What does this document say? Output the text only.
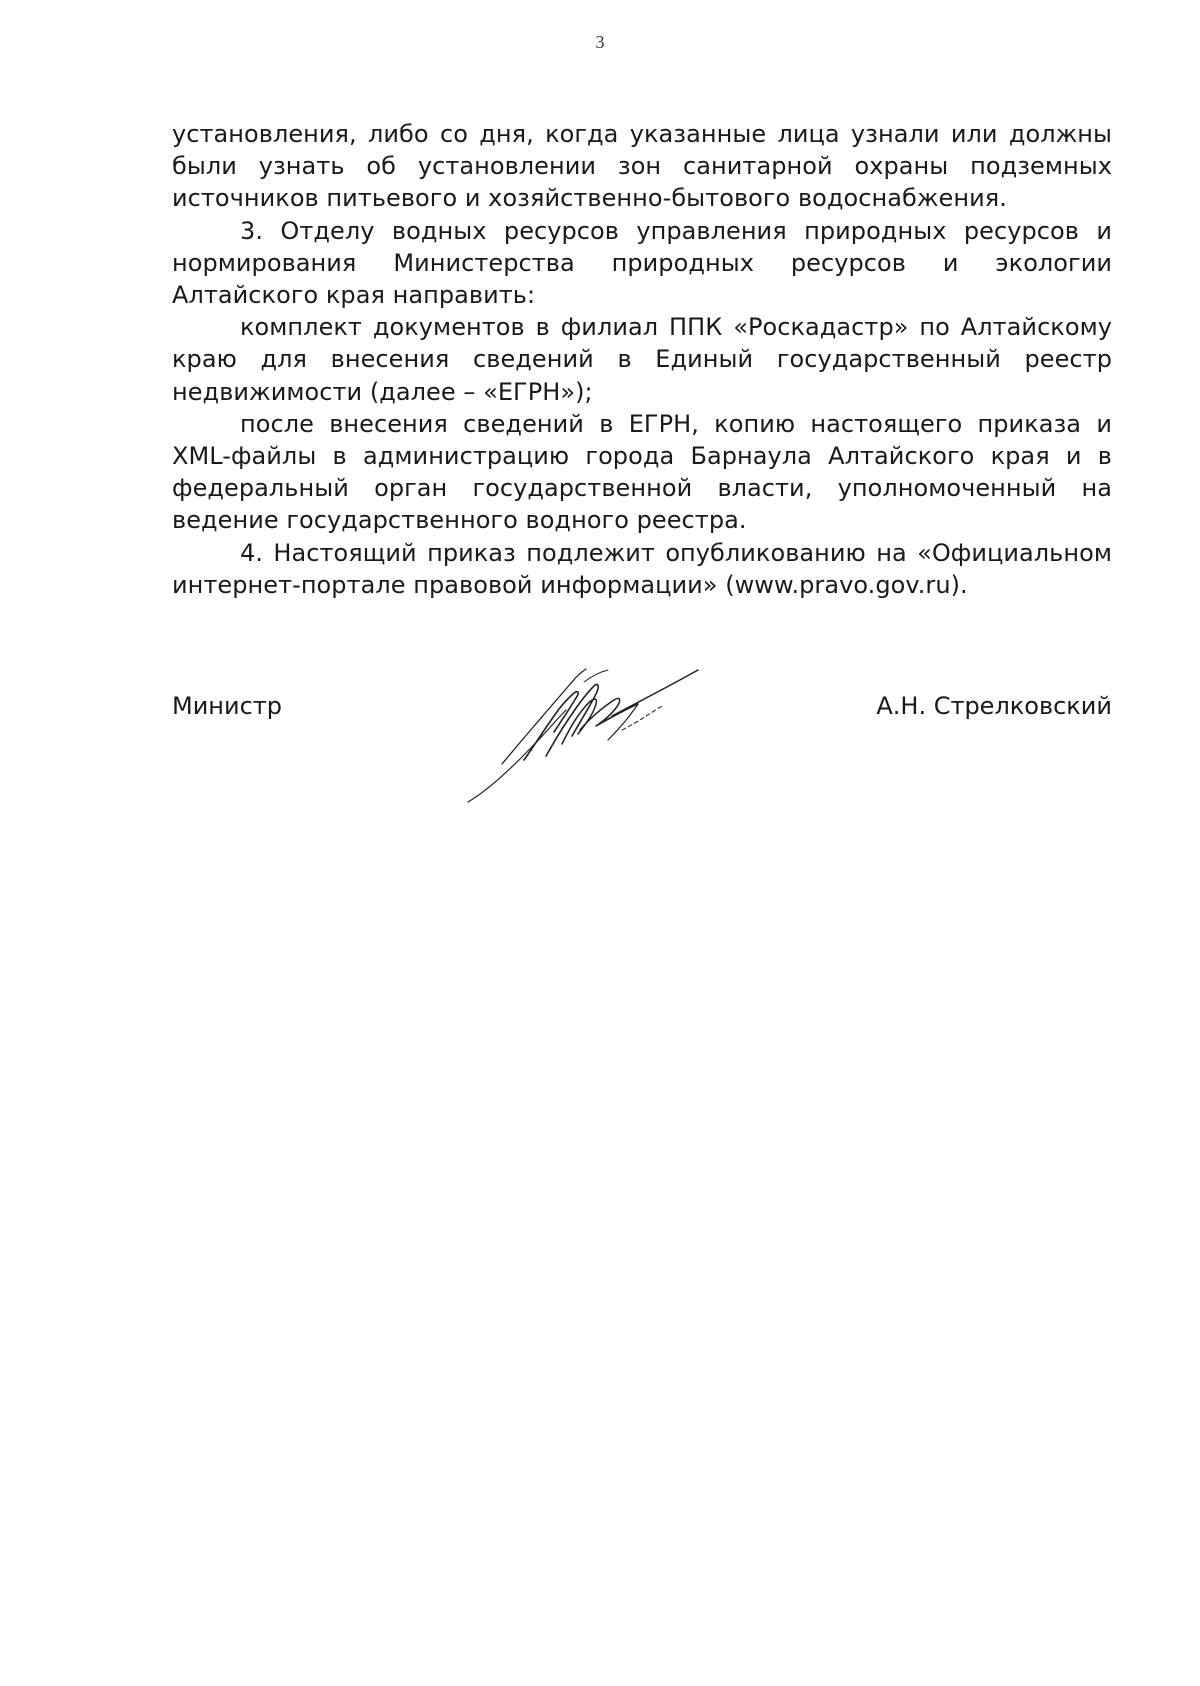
3

установления, либо со дня, когда указанные лица узнали или должны были узнать об установлении зон санитарной охраны подземных источников питьевого и хозяйственно-бытового водоснабжения.

3. Отделу водных ресурсов управления природных ресурсов и нормирования Министерства природных ресурсов и экологии Алтайского края направить:

комплект документов в филиал ППК «Роскадастр» по Алтайскому краю для внесения сведений в Единый государственный реестр недвижимости (далее – «ЕГРН»);

после внесения сведений в ЕГРН, копию настоящего приказа и XML-файлы в администрацию города Барнаула Алтайского края и в федеральный орган государственной власти, уполномоченный на ведение государственного водного реестра.

4. Настоящий приказ подлежит опубликованию на «Официальном интернет-портале правовой информации» (www.pravo.gov.ru).

Министр	А.Н. Стрелковский
